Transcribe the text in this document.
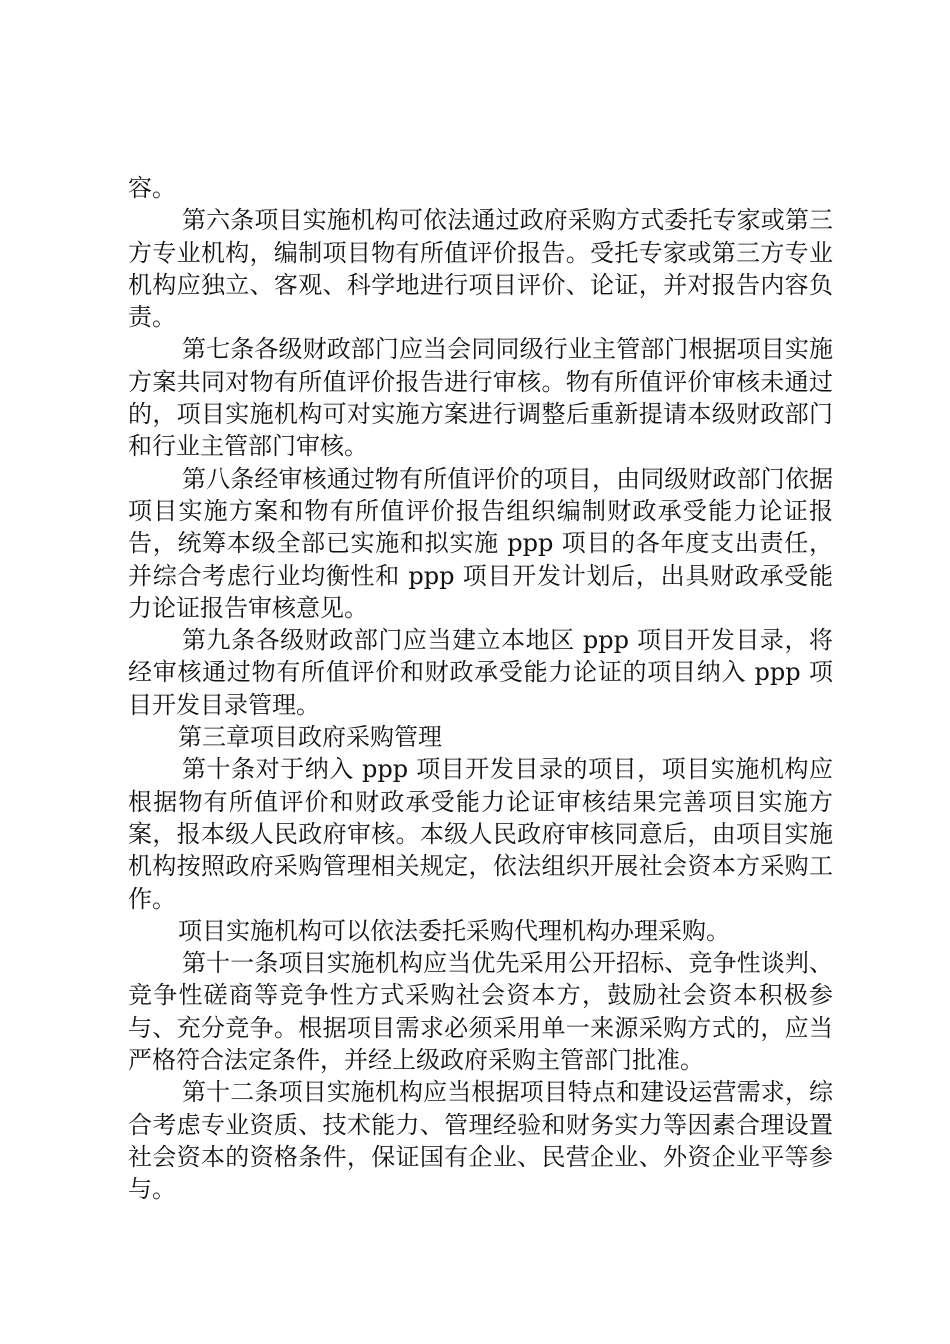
容。

第六条项目实施机构可依法通过政府采购方式委托专家或第三方专业机构，编制项目物有所值评价报告。受托专家或第三方专业机构应独立、客观、科学地进行项目评价、论证，并对报告内容负责。

第七条各级财政部门应当会同同级行业主管部门根据项目实施方案共同对物有所值评价报告进行审核。物有所值评价审核未通过的，项目实施机构可对实施方案进行调整后重新提请本级财政部门和行业主管部门审核。

第八条经审核通过物有所值评价的项目，由同级财政部门依据项目实施方案和物有所值评价报告组织编制财政承受能力论证报告，统筹本级全部已实施和拟实施 ppp 项目的各年度支出责任，并综合考虑行业均衡性和 ppp 项目开发计划后，出具财政承受能力论证报告审核意见。

第九条各级财政部门应当建立本地区 ppp 项目开发目录，将经审核通过物有所值评价和财政承受能力论证的项目纳入 ppp 项目开发目录管理。

第三章项目政府采购管理

第十条对于纳入 ppp 项目开发目录的项目，项目实施机构应根据物有所值评价和财政承受能力论证审核结果完善项目实施方案，报本级人民政府审核。本级人民政府审核同意后，由项目实施机构按照政府采购管理相关规定，依法组织开展社会资本方采购工作。

项目实施机构可以依法委托采购代理机构办理采购。

第十一条项目实施机构应当优先采用公开招标、竞争性谈判、竞争性磋商等竞争性方式采购社会资本方，鼓励社会资本积极参与、充分竞争。根据项目需求必须采用单一来源采购方式的，应当严格符合法定条件，并经上级政府采购主管部门批准。

第十二条项目实施机构应当根据项目特点和建设运营需求，综合考虑专业资质、技术能力、管理经验和财务实力等因素合理设置社会资本的资格条件，保证国有企业、民营企业、外资企业平等参与。
